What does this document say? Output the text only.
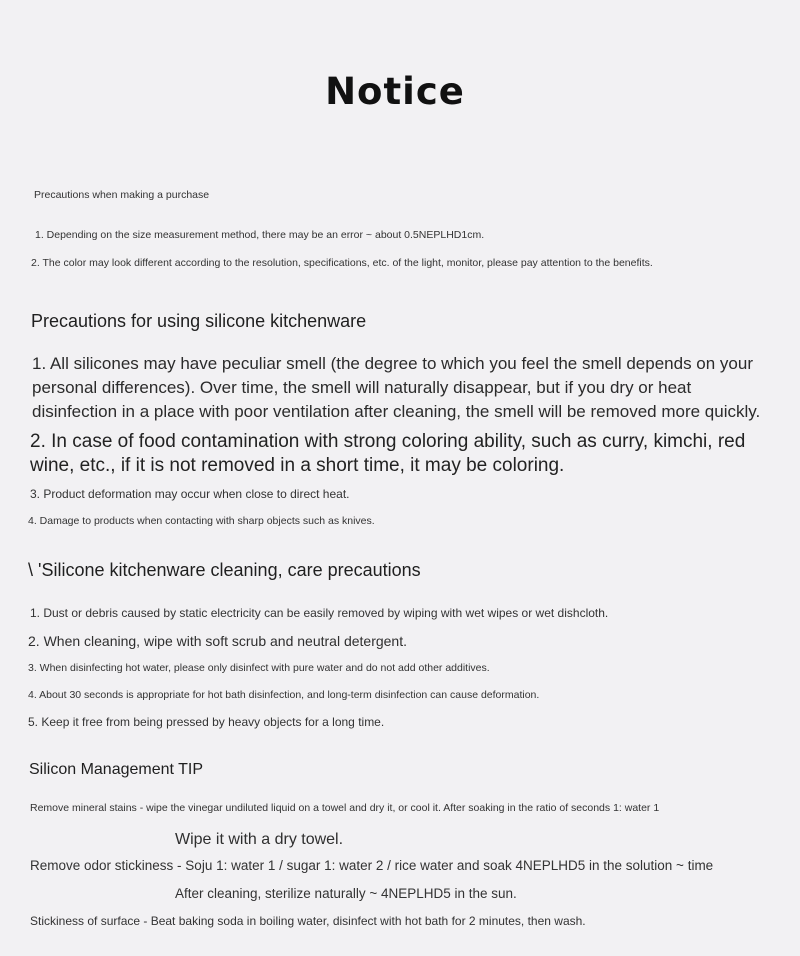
Notice

Precautions when making a purchase

1. Depending on the size measurement method, there may be an error ~ about 0.5NEPLHD1cm.

2. The color may look different according to the resolution, specifications, etc. of the light, monitor, please pay attention to the benefits.

Precautions for using silicone kitchenware
1. All silicones may have peculiar smell (the degree to which you feel the smell depends on your
personal differences). Over time, the smell will naturally disappear, but if you dry or heat
disinfection in a place with poor ventilation after cleaning, the smell will be removed more quickly.
2. In case of food contamination with strong coloring ability, such as curry, kimchi, red
wine, etc., if it is not removed in a short time, it may be coloring.

3. Product deformation may occur when close to direct heat.

4. Damage to products when contacting with sharp objects such as knives.

\ 'Silicone kitchenware cleaning, care precautions

1. Dust or debris caused by static electricity can be easily removed by wiping with wet wipes or wet dishcloth.

2. When cleaning, wipe with soft scrub and neutral detergent.

3. When disinfecting hot water, please only disinfect with pure water and do not add other additives.

4. About 30 seconds is appropriate for hot bath disinfection, and long-term disinfection can cause deformation.

5. Keep it free from being pressed by heavy objects for a long time.

Silicon Management TIP

Remove mineral stains - wipe the vinegar undiluted liquid on a towel and dry it, or cool it. After soaking in the ratio of seconds 1: water 1

Wipe it with a dry towel.

Remove odor stickiness - Soju 1: water 1 / sugar 1: water 2 / rice water and soak 4NEPLHD5 in the solution ~ time

After cleaning, sterilize naturally ~ 4NEPLHD5 in the sun.

Stickiness of surface - Beat baking soda in boiling water, disinfect with hot bath for 2 minutes, then wash.
